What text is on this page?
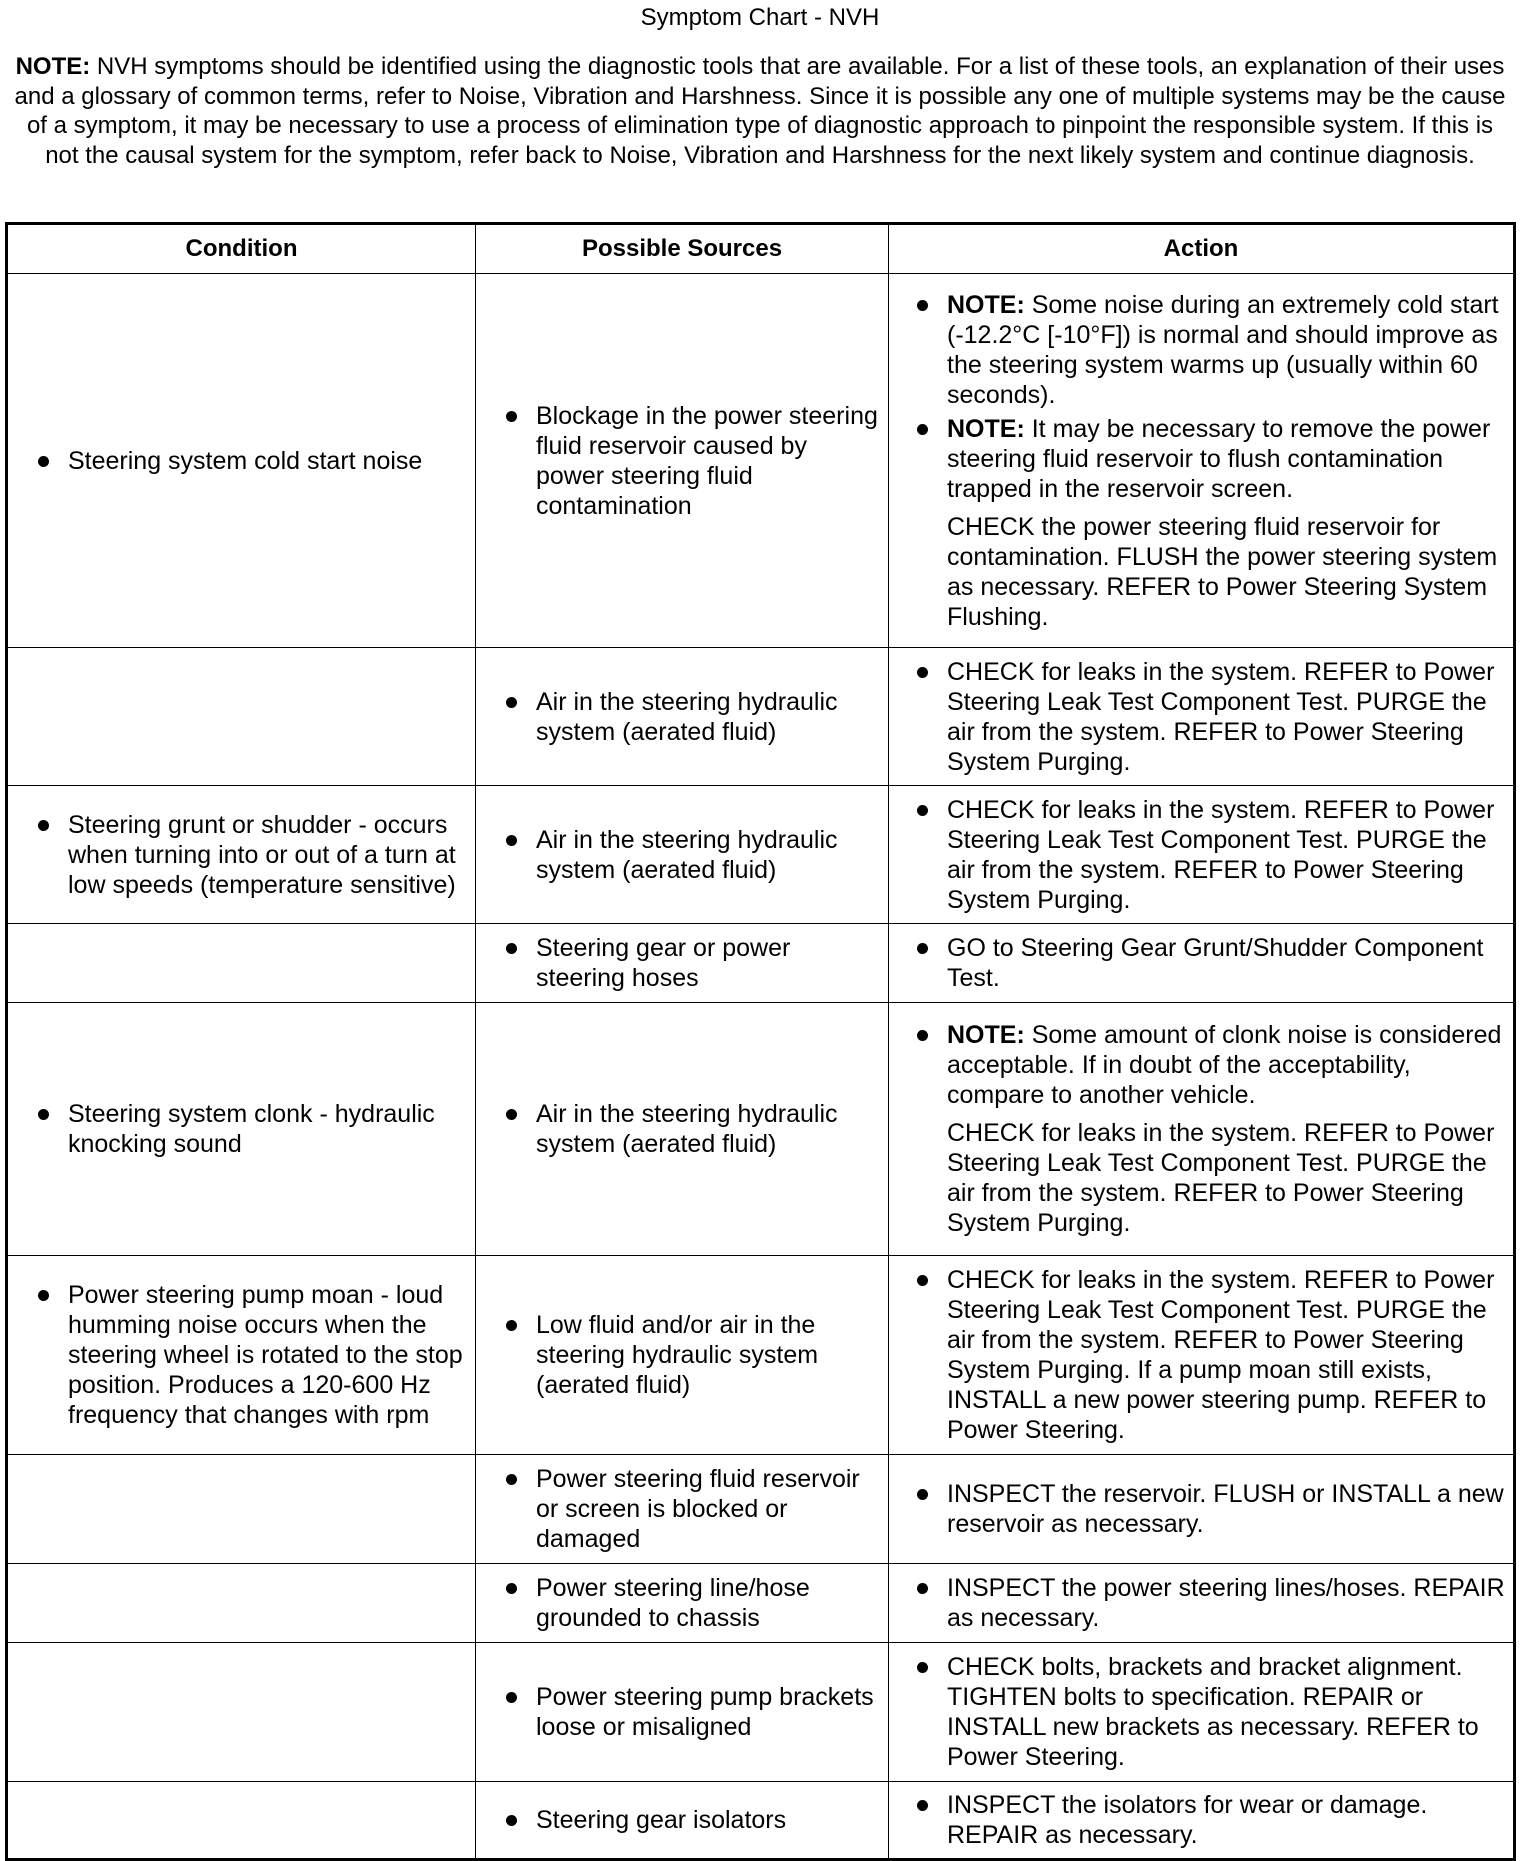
Symptom Chart - NVH
NOTE: NVH symptoms should be identified using the diagnostic tools that are available. For a list of these tools, an explanation of their uses and a glossary of common terms, refer to Noise, Vibration and Harshness. Since it is possible any one of multiple systems may be the cause of a symptom, it may be necessary to use a process of elimination type of diagnostic approach to pinpoint the responsible system. If this is not the causal system for the symptom, refer back to Noise, Vibration and Harshness for the next likely system and continue diagnosis.
Condition	Possible Sources	Action

Steering system cold start noise	Blockage in the power steering fluid reservoir caused by power steering fluid contamination	NOTE: Some noise during an extremely cold start (-12.2°C [-10°F]) is normal and should improve as the steering system warms up (usually within 60 seconds).
NOTE: It may be necessary to remove the power steering fluid reservoir to flush contamination trapped in the reservoir screen.
CHECK the power steering fluid reservoir for contamination. FLUSH the power steering system as necessary. REFER to Power Steering System Flushing.

	Air in the steering hydraulic system (aerated fluid)	CHECK for leaks in the system. REFER to Power Steering Leak Test Component Test. PURGE the air from the system. REFER to Power Steering System Purging.

Steering grunt or shudder - occurs when turning into or out of a turn at low speeds (temperature sensitive)	Air in the steering hydraulic system (aerated fluid)	CHECK for leaks in the system. REFER to Power Steering Leak Test Component Test. PURGE the air from the system. REFER to Power Steering System Purging.

	Steering gear or power steering hoses	GO to Steering Gear Grunt/Shudder Component Test.

Steering system clonk - hydraulic knocking sound	Air in the steering hydraulic system (aerated fluid)	NOTE: Some amount of clonk noise is considered acceptable. If in doubt of the acceptability, compare to another vehicle.
CHECK for leaks in the system. REFER to Power Steering Leak Test Component Test. PURGE the air from the system. REFER to Power Steering System Purging.

Power steering pump moan - loud humming noise occurs when the steering wheel is rotated to the stop position. Produces a 120-600 Hz frequency that changes with rpm	Low fluid and/or air in the steering hydraulic system (aerated fluid)	CHECK for leaks in the system. REFER to Power Steering Leak Test Component Test. PURGE the air from the system. REFER to Power Steering System Purging. If a pump moan still exists, INSTALL a new power steering pump. REFER to Power Steering.

	Power steering fluid reservoir or screen is blocked or damaged	INSPECT the reservoir. FLUSH or INSTALL a new reservoir as necessary.

	Power steering line/hose grounded to chassis	INSPECT the power steering lines/hoses. REPAIR as necessary.

	Power steering pump brackets loose or misaligned	CHECK bolts, brackets and bracket alignment. TIGHTEN bolts to specification. REPAIR or INSTALL new brackets as necessary. REFER to Power Steering.

	Steering gear isolators	INSPECT the isolators for wear or damage. REPAIR as necessary.
